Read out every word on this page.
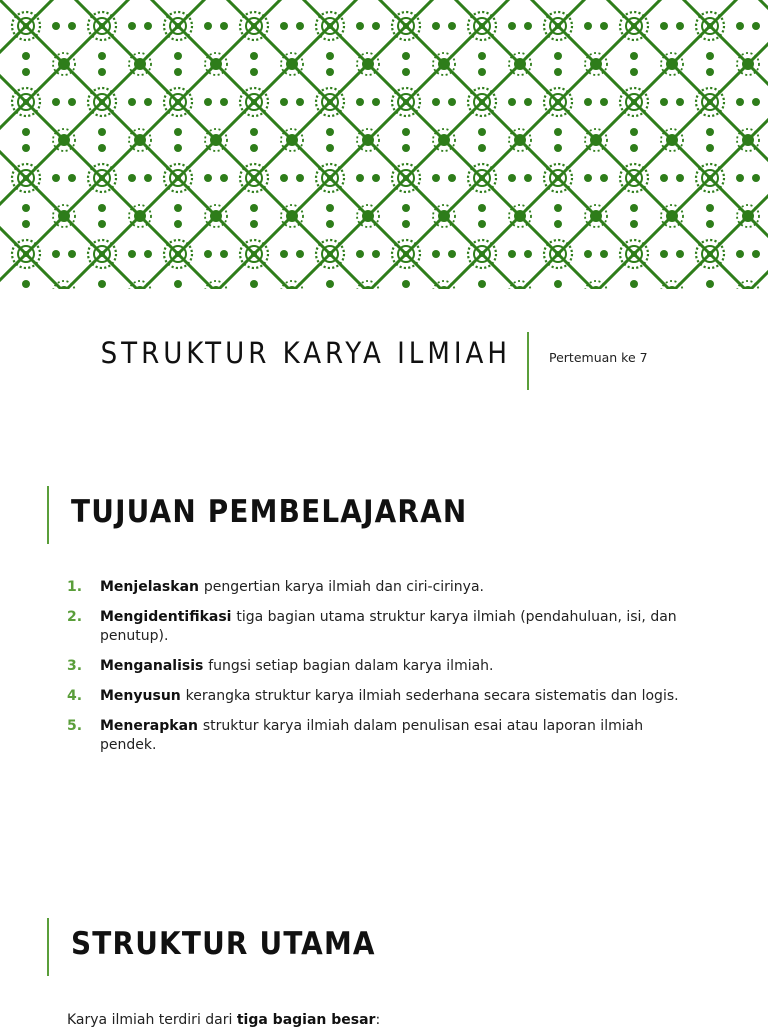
STRUKTUR KARYA ILMIAH	Pertemuan ke 7
TUJUAN PEMBELAJARAN
1. Menjelaskan pengertian karya ilmiah dan ciri-cirinya.
2. Mengidentifikasi tiga bagian utama struktur karya ilmiah (pendahuluan, isi, dan penutup).
3. Menganalisis fungsi setiap bagian dalam karya ilmiah.
4. Menyusun kerangka struktur karya ilmiah sederhana secara sistematis dan logis.
5. Menerapkan struktur karya ilmiah dalam penulisan esai atau laporan ilmiah pendek.
STRUKTUR UTAMA
Karya ilmiah terdiri dari tiga bagian besar:
